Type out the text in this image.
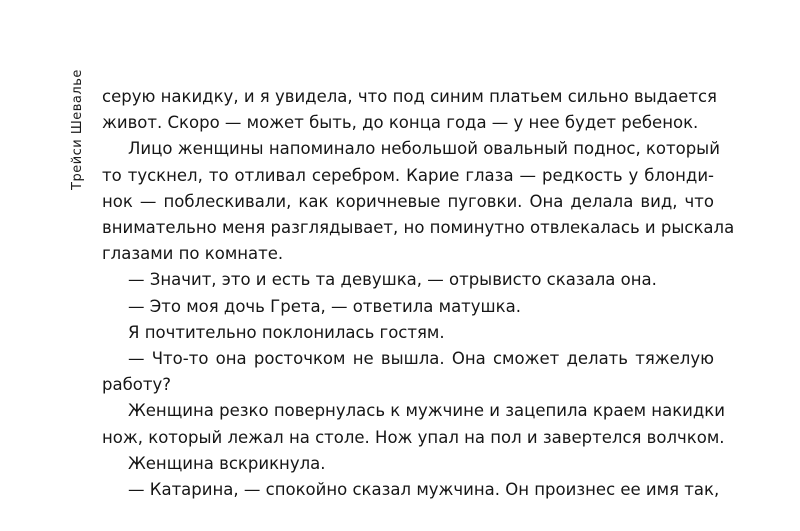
Трейси Шевалье серую накидку, и я увидела, что под синим платьем сильно выдается
живот. Скоро — может быть, до конца года — у нее будет ребенок.
Лицо женщины напоминало небольшой овальный поднос, который
то тускнел, то отливал серебром. Карие глаза — редкость у блонди-
нок — поблескивали, как коричневые пуговки. Она делала вид, что
внимательно меня разглядывает, но поминутно отвлекалась и рыскала
глазами по комнате.
— Значит, это и есть та девушка, — отрывисто сказала она.
— Это моя дочь Грета, — ответила матушка.
Я почтительно поклонилась гостям.
— Что-то она росточком не вышла. Она сможет делать тяжелую
работу?
Женщина резко повернулась к мужчине и зацепила краем накидки
нож, который лежал на столе. Нож упал на пол и завертелся волчком.
Женщина вскрикнула.
— Катарина, — спокойно сказал мужчина. Он произнес ее имя так,
